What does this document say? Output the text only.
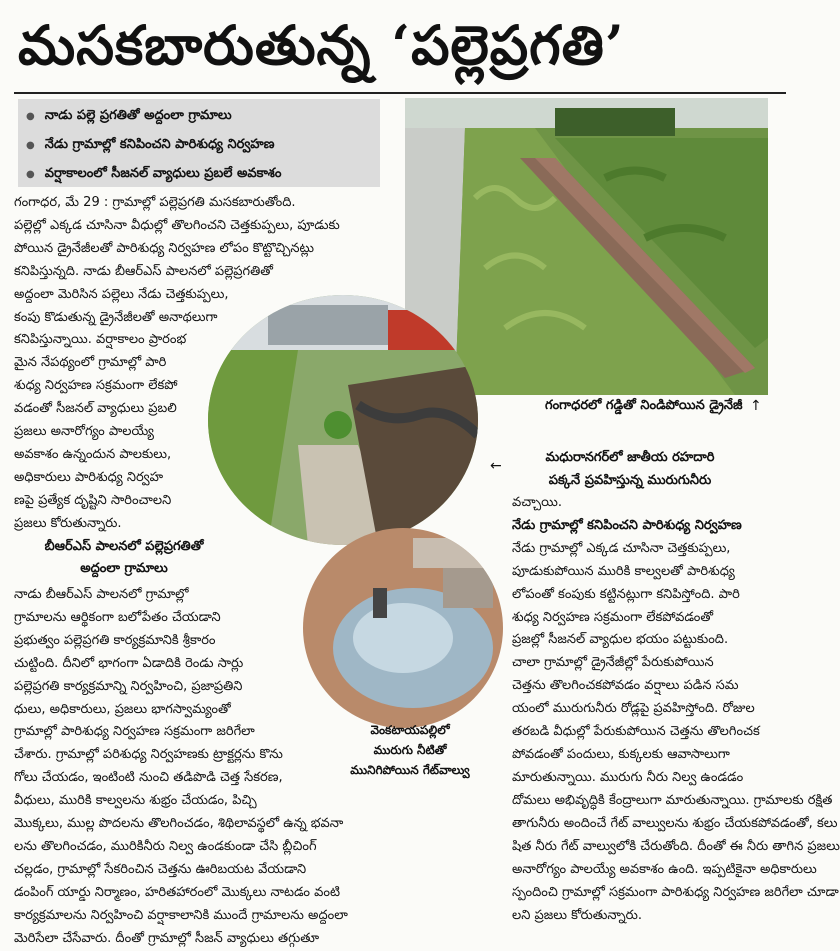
మసకబారుతున్న ‘పల్లెప్రగతి’
● నాడు పల్లె ప్రగతితో అద్దంలా గ్రామాలు
● నేడు గ్రామాల్లో కనిపించని పారిశుధ్య నిర్వహణ
● వర్షాకాలంలో సీజనల్ వ్యాధులు ప్రబలే అవకాశం
గంగాధరలో గడ్డితో నిండిపోయిన డ్రైనేజీ ↑
మధురానగర్‌లో జాతీయ రహదారి
పక్కనే ప్రవహిస్తున్న మురుగునీరు
←
వెంకటాయపల్లిలో
మురుగు నీటితో
మునిగిపోయిన గేట్‌వాల్వు
గంగాధర, మే 29 : గ్రామాల్లో పల్లెప్రగతి మసకబారుతోంది.
పల్లెల్లో ఎక్కడ చూసినా వీధుల్లో తొలగించని చెత్తకుప్పలు, పూడుకు
పోయిన డ్రైనేజీలతో పారిశుధ్య నిర్వహణ లోపం కొట్టొచ్చినట్లు
కనిపిస్తున్నది. నాడు బీఆర్ఎస్ పాలనలో పల్లెప్రగతితో
అద్దంలా మెరిసిన పల్లెలు నేడు చెత్తకుప్పలు,
కంపు కొడుతున్న డ్రైనేజీలతో అనాథలుగా
కనిపిస్తున్నాయి. వర్షాకాలం ప్రారంభ
మైన నేపథ్యంలో గ్రామాల్లో పారి
శుధ్య నిర్వహణ సక్రమంగా లేకపో
వడంతో సీజనల్ వ్యాధులు ప్రబలి
ప్రజలు అనారోగ్యం పాలయ్యే
అవకాశం ఉన్నందున పాలకులు,
అధికారులు పారిశుధ్య నిర్వహ
ణపై ప్రత్యేక దృష్టిని సారించాలని
ప్రజలు కోరుతున్నారు.
బీఆర్ఎస్ పాలనలో పల్లెప్రగతితో
అద్దంలా గ్రామాలు
నాడు బీఆర్ఎస్ పాలనలో గ్రామాల్లో
గ్రామాలను ఆర్థికంగా బలోపేతం చేయడాని
ప్రభుత్వం పల్లెప్రగతి కార్యక్రమానికి శ్రీకారం
చుట్టింది. దీనిలో భాగంగా ఏడాదికి రెండు సార్లు
పల్లెప్రగతి కార్యక్రమాన్ని నిర్వహించి, ప్రజాప్రతిని
ధులు, అధికారులు, ప్రజలు భాగస్వామ్యంతో
గ్రామాల్లో పారిశుధ్య నిర్వహణ సక్రమంగా జరిగేలా
చేశారు. గ్రామాల్లో పరిశుధ్య నిర్వహణకు ట్రాక్టర్లను కొను
గోలు చేయడం, ఇంటింటి నుంచి తడిపొడి చెత్త సేకరణ,
వీధులు, మురికి కాల్వలను శుభ్రం చేయడం, పిచ్చి
మొక్కలు, ముల్ల పొదలను తొలగించడం, శిథిలావస్థలో ఉన్న భవనా
లను తొలగించడం, మురికినీరు నిల్వ ఉండకుండా చేసి బ్లీచింగ్
చల్లడం, గ్రామాల్లో సేకరించిన చెత్తను ఊరిబయట వేయడాని
డంపింగ్ యార్డు నిర్మాణం, హరితహారంలో మొక్కలు నాటడం వంటి
కార్యక్రమాలను నిర్వహించి వర్షాకాలానికి ముందే గ్రామాలను అద్దంలా
మెరిసేలా చేసేవారు. దీంతో గ్రామాల్లో సీజన్ వ్యాధులు తగ్గుతూ
వచ్చాయి.
నేడు గ్రామాల్లో కనిపించని పారిశుధ్య నిర్వహణ
నేడు గ్రామాల్లో ఎక్కడ చూసినా చెత్తకుప్పలు,
పూడుకుపోయిన మురికి కాల్వలతో పారిశుధ్య
లోపంతో కంపుకు కట్టినట్లుగా కనిపిస్తోంది. పారి
శుధ్య నిర్వహణ సక్రమంగా లేకపోవడంతో
ప్రజల్లో సీజనల్ వ్యాధుల భయం పట్టుకుంది.
చాలా గ్రామాల్లో డ్రైనేజీల్లో పేరుకుపోయిన
చెత్తను తొలగించకపోవడం వర్షాలు పడిన సమ
యంలో మురుగునీరు రోడ్లపై ప్రవహిస్తోంది. రోజుల
తరబడి వీధుల్లో పేరుకుపోయిన చెత్తను తొలగించక
పోవడంతో పందులు, కుక్కలకు ఆవాసాలుగా
మారుతున్నాయి. మురుగు నీరు నిల్వ ఉండడం
దోమలు అభివృద్ధికి కేంద్రాలుగా మారుతున్నాయి. గ్రామాలకు రక్షిత
తాగునీరు అందించే గేట్ వాల్వులను శుభ్రం చేయకపోవడంతో, కలు
షిత నీరు గేట్ వాల్వులోకి చేరుతోంది. దీంతో ఈ నీరు తాగిన ప్రజలు
అనారోగ్యం పాలయ్యే అవకాశం ఉంది. ఇప్పటికైనా అధికారులు
స్పందించి గ్రామాల్లో సక్రమంగా పారిశుధ్య నిర్వహణ జరిగేలా చూడా
లని ప్రజలు కోరుతున్నారు.
